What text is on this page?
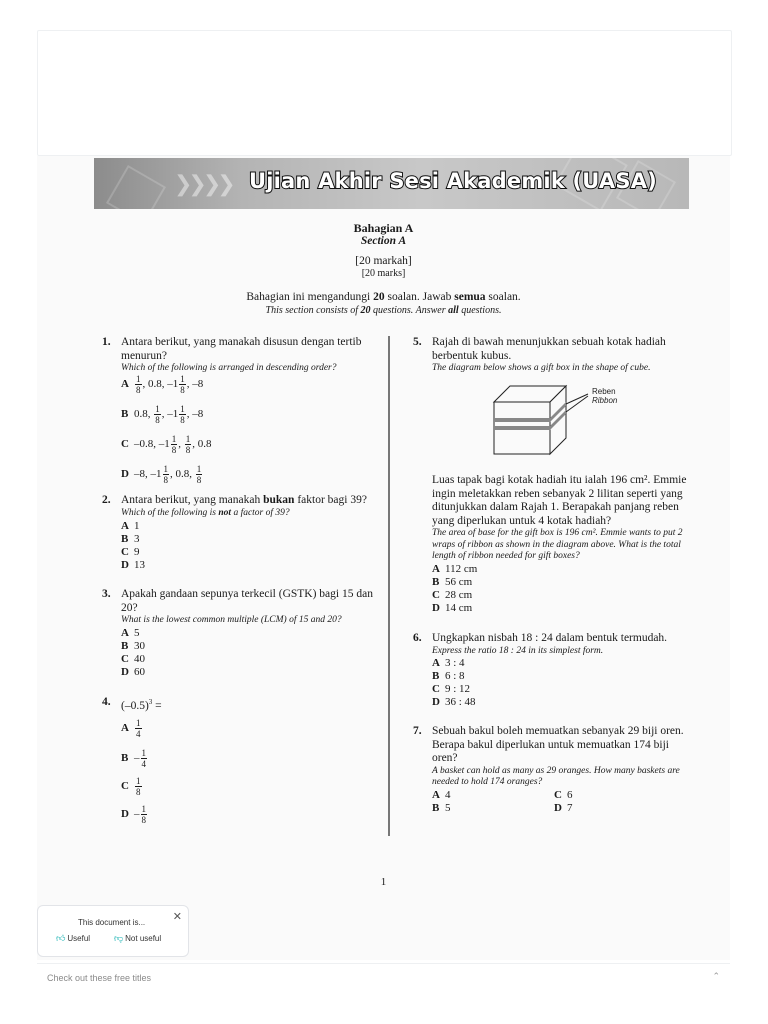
❯❯❯❯ Ujian Akhir Sesi Akademik (UASA)
Bahagian A
Section A
[20 markah]
[20 marks]
Bahagian ini mengandungi 20 soalan. Jawab semua soalan.
This section consists of 20 questions. Answer all questions.
1. Antara berikut, yang manakah disusun dengan tertib menurun?
Which of the following is arranged in descending order?
A $\frac{1}{8}$ , 0.8, $-1 \frac{1}{8}$ , –8
B 0.8, $\frac{1}{8}$ , $-1 \frac{1}{8}$ , –8
C –0.8, $-1 \frac{1}{8}$ , $\frac{1}{8}$ , 0.8
D –8, $-1 \frac{1}{8}$ , 0.8, $\frac{1}{8}$
2. Antara berikut, yang manakah bukan faktor bagi 39?
Which of the following is not a factor of 39?
A 1
B 3
C 9
D 13
3. Apakah gandaan sepunya terkecil (GSTK) bagi 15 dan 20?
What is the lowest common multiple (LCM) of 15 and 20?
A 5
B 30
C 40
D 60
4. $(-0.5)^3$ =
A $\frac{1}{4}$
B – $\frac{1}{4}$
C $\frac{1}{8}$
D – $\frac{1}{8}$
5. Rajah di bawah menunjukkan sebuah kotak hadiah berbentuk kubus.
The diagram below shows a gift box in the shape of cube.
Reben
Ribbon
Luas tapak bagi kotak hadiah itu ialah 196 cm². Emmie ingin meletakkan reben sebanyak 2 lilitan seperti yang ditunjukkan dalam Rajah 1. Berapakah panjang reben yang diperlukan untuk 4 kotak hadiah?
The area of base for the gift box is 196 cm². Emmie wants to put 2 wraps of ribbon as shown in the diagram above. What is the total length of ribbon needed for gift boxes?
A 112 cm
B 56 cm
C 28 cm
D 14 cm
6. Ungkapkan nisbah 18 : 24 dalam bentuk termudah.
Express the ratio 18 : 24 in its simplest form.
A 3 : 4
B 6 : 8
C 9 : 12
D 36 : 48
7. Sebuah bakul boleh memuatkan sebanyak 29 biji oren. Berapa bakul diperlukan untuk memuatkan 174 biji oren?
A basket can hold as many as 29 oranges. How many baskets are needed to hold 174 oranges?
A 4	C 6
B 5	D 7
1
This document is...	✕
👍︎ Useful	👎︎ Not useful
Check out these free titles	⌃
